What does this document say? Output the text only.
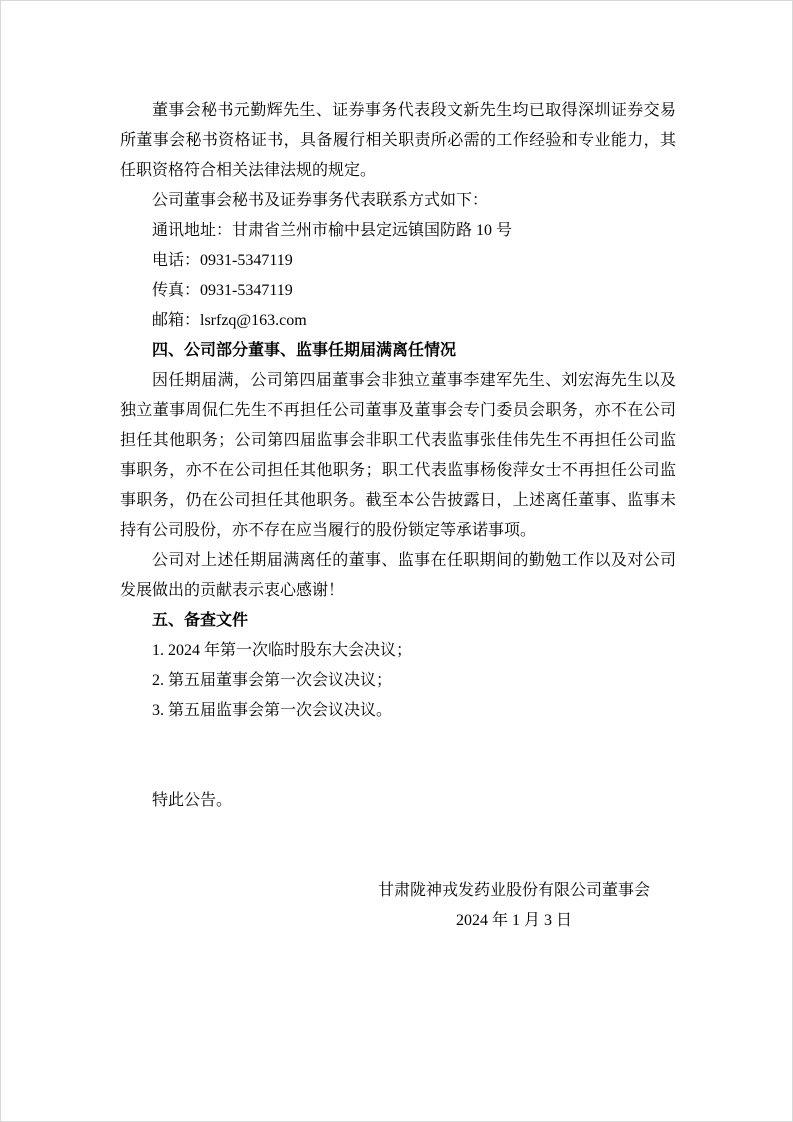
董事会秘书元勤辉先生、证券事务代表段文新先生均已取得深圳证券交易所董事会秘书资格证书，具备履行相关职责所必需的工作经验和专业能力，其任职资格符合相关法律法规的规定。

公司董事会秘书及证券事务代表联系方式如下：

通讯地址：甘肃省兰州市榆中县定远镇国防路 10 号

电话：0931-5347119

传真：0931-5347119

邮箱：lsrfzq@163.com

四、公司部分董事、监事任期届满离任情况

因任期届满，公司第四届董事会非独立董事李建军先生、刘宏海先生以及独立董事周侃仁先生不再担任公司董事及董事会专门委员会职务，亦不在公司担任其他职务；公司第四届监事会非职工代表监事张佳伟先生不再担任公司监事职务，亦不在公司担任其他职务；职工代表监事杨俊萍女士不再担任公司监事职务，仍在公司担任其他职务。截至本公告披露日，上述离任董事、监事未持有公司股份，亦不存在应当履行的股份锁定等承诺事项。

公司对上述任期届满离任的董事、监事在任职期间的勤勉工作以及对公司发展做出的贡献表示衷心感谢！

五、备查文件

1. 2024 年第一次临时股东大会决议；

2. 第五届董事会第一次会议决议；

3. 第五届监事会第一次会议决议。

特此公告。

甘肃陇神戎发药业股份有限公司董事会

2024 年 1 月 3 日
